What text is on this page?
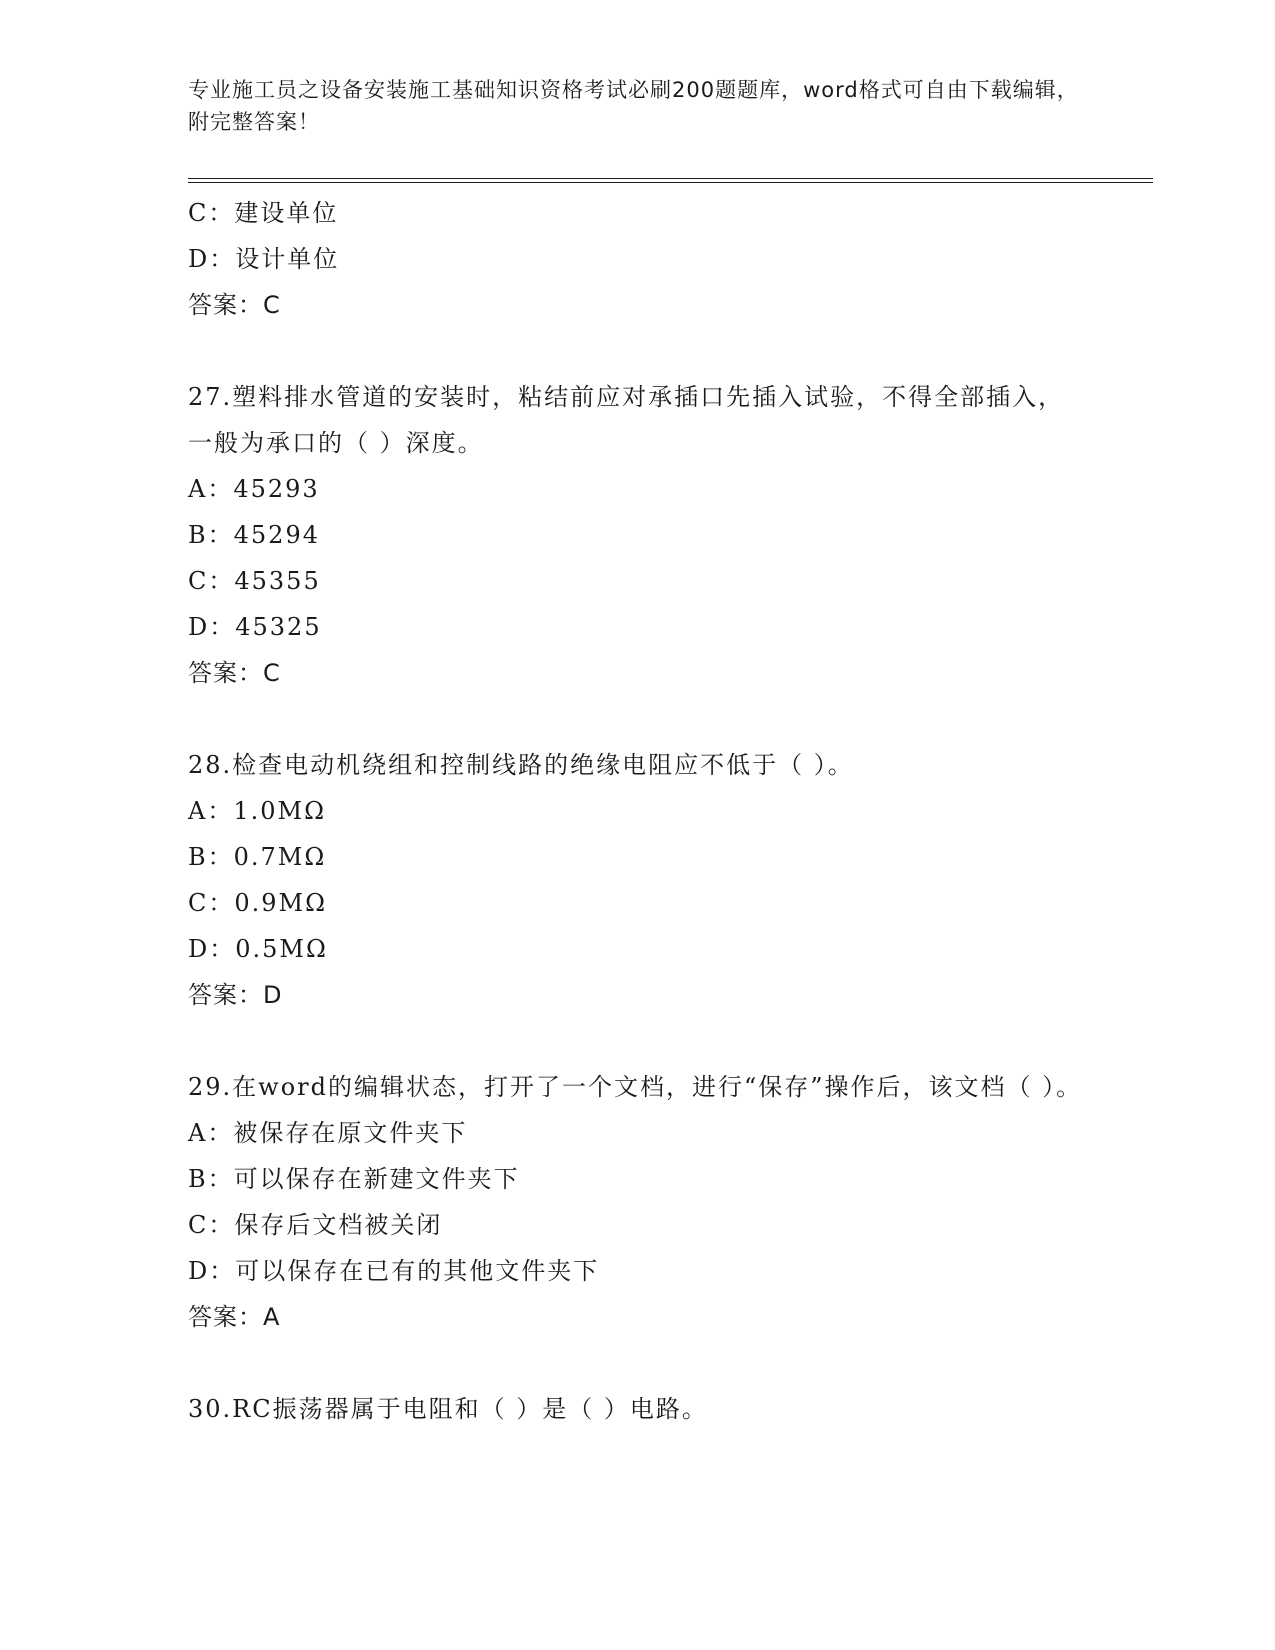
专业施工员之设备安装施工基础知识资格考试必刷200题题库，word格式可自由下载编辑，附完整答案！
C：建设单位
D：设计单位
答案：C
27.塑料排水管道的安装时，粘结前应对承插口先插入试验，不得全部插入，一般为承口的（ ）深度。
A：45293
B：45294
C：45355
D：45325
答案：C
28.检查电动机绕组和控制线路的绝缘电阻应不低于（ ）。
A：1.0MΩ
B：0.7MΩ
C：0.9MΩ
D：0.5MΩ
答案：D
29.在word的编辑状态，打开了一个文档，进行“保存”操作后，该文档（ ）。
A：被保存在原文件夹下
B：可以保存在新建文件夹下
C：保存后文档被关闭
D：可以保存在已有的其他文件夹下
答案：A
30.RC振荡器属于电阻和（ ）是（ ）电路。
